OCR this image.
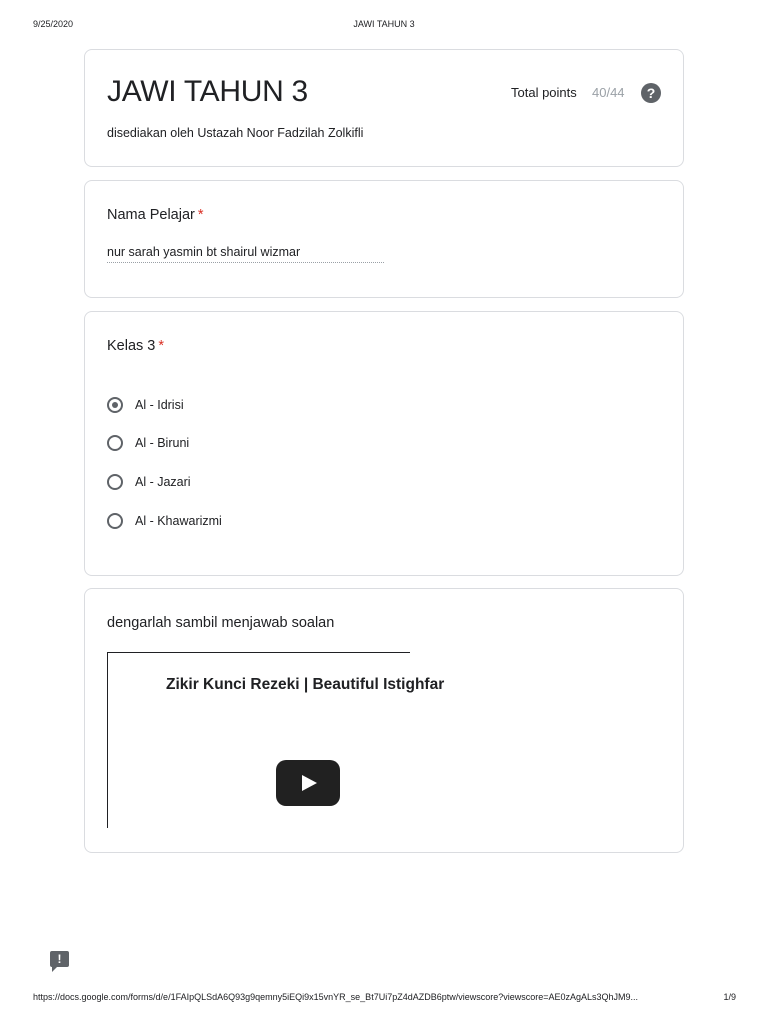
9/25/2020	JAWI TAHUN 3
JAWI TAHUN 3
disediakan oleh Ustazah Noor Fadzilah Zolkifli
Total points 40/44	?
Nama Pelajar *
nur sarah yasmin bt shairul wizmar
Kelas 3 *
Al - Idrisi
Al - Biruni
Al - Jazari
Al - Khawarizmi
dengarlah sambil menjawab soalan
Zikir Kunci Rezeki | Beautiful Istighfar
!
https://docs.google.com/forms/d/e/1FAIpQLSdA6Q93g9qemny5iEQi9x15vnYR_se_Bt7Ui7pZ4dAZDB6ptw/viewscore?viewscore=AE0zAgALs3QhJM9...	1/9
